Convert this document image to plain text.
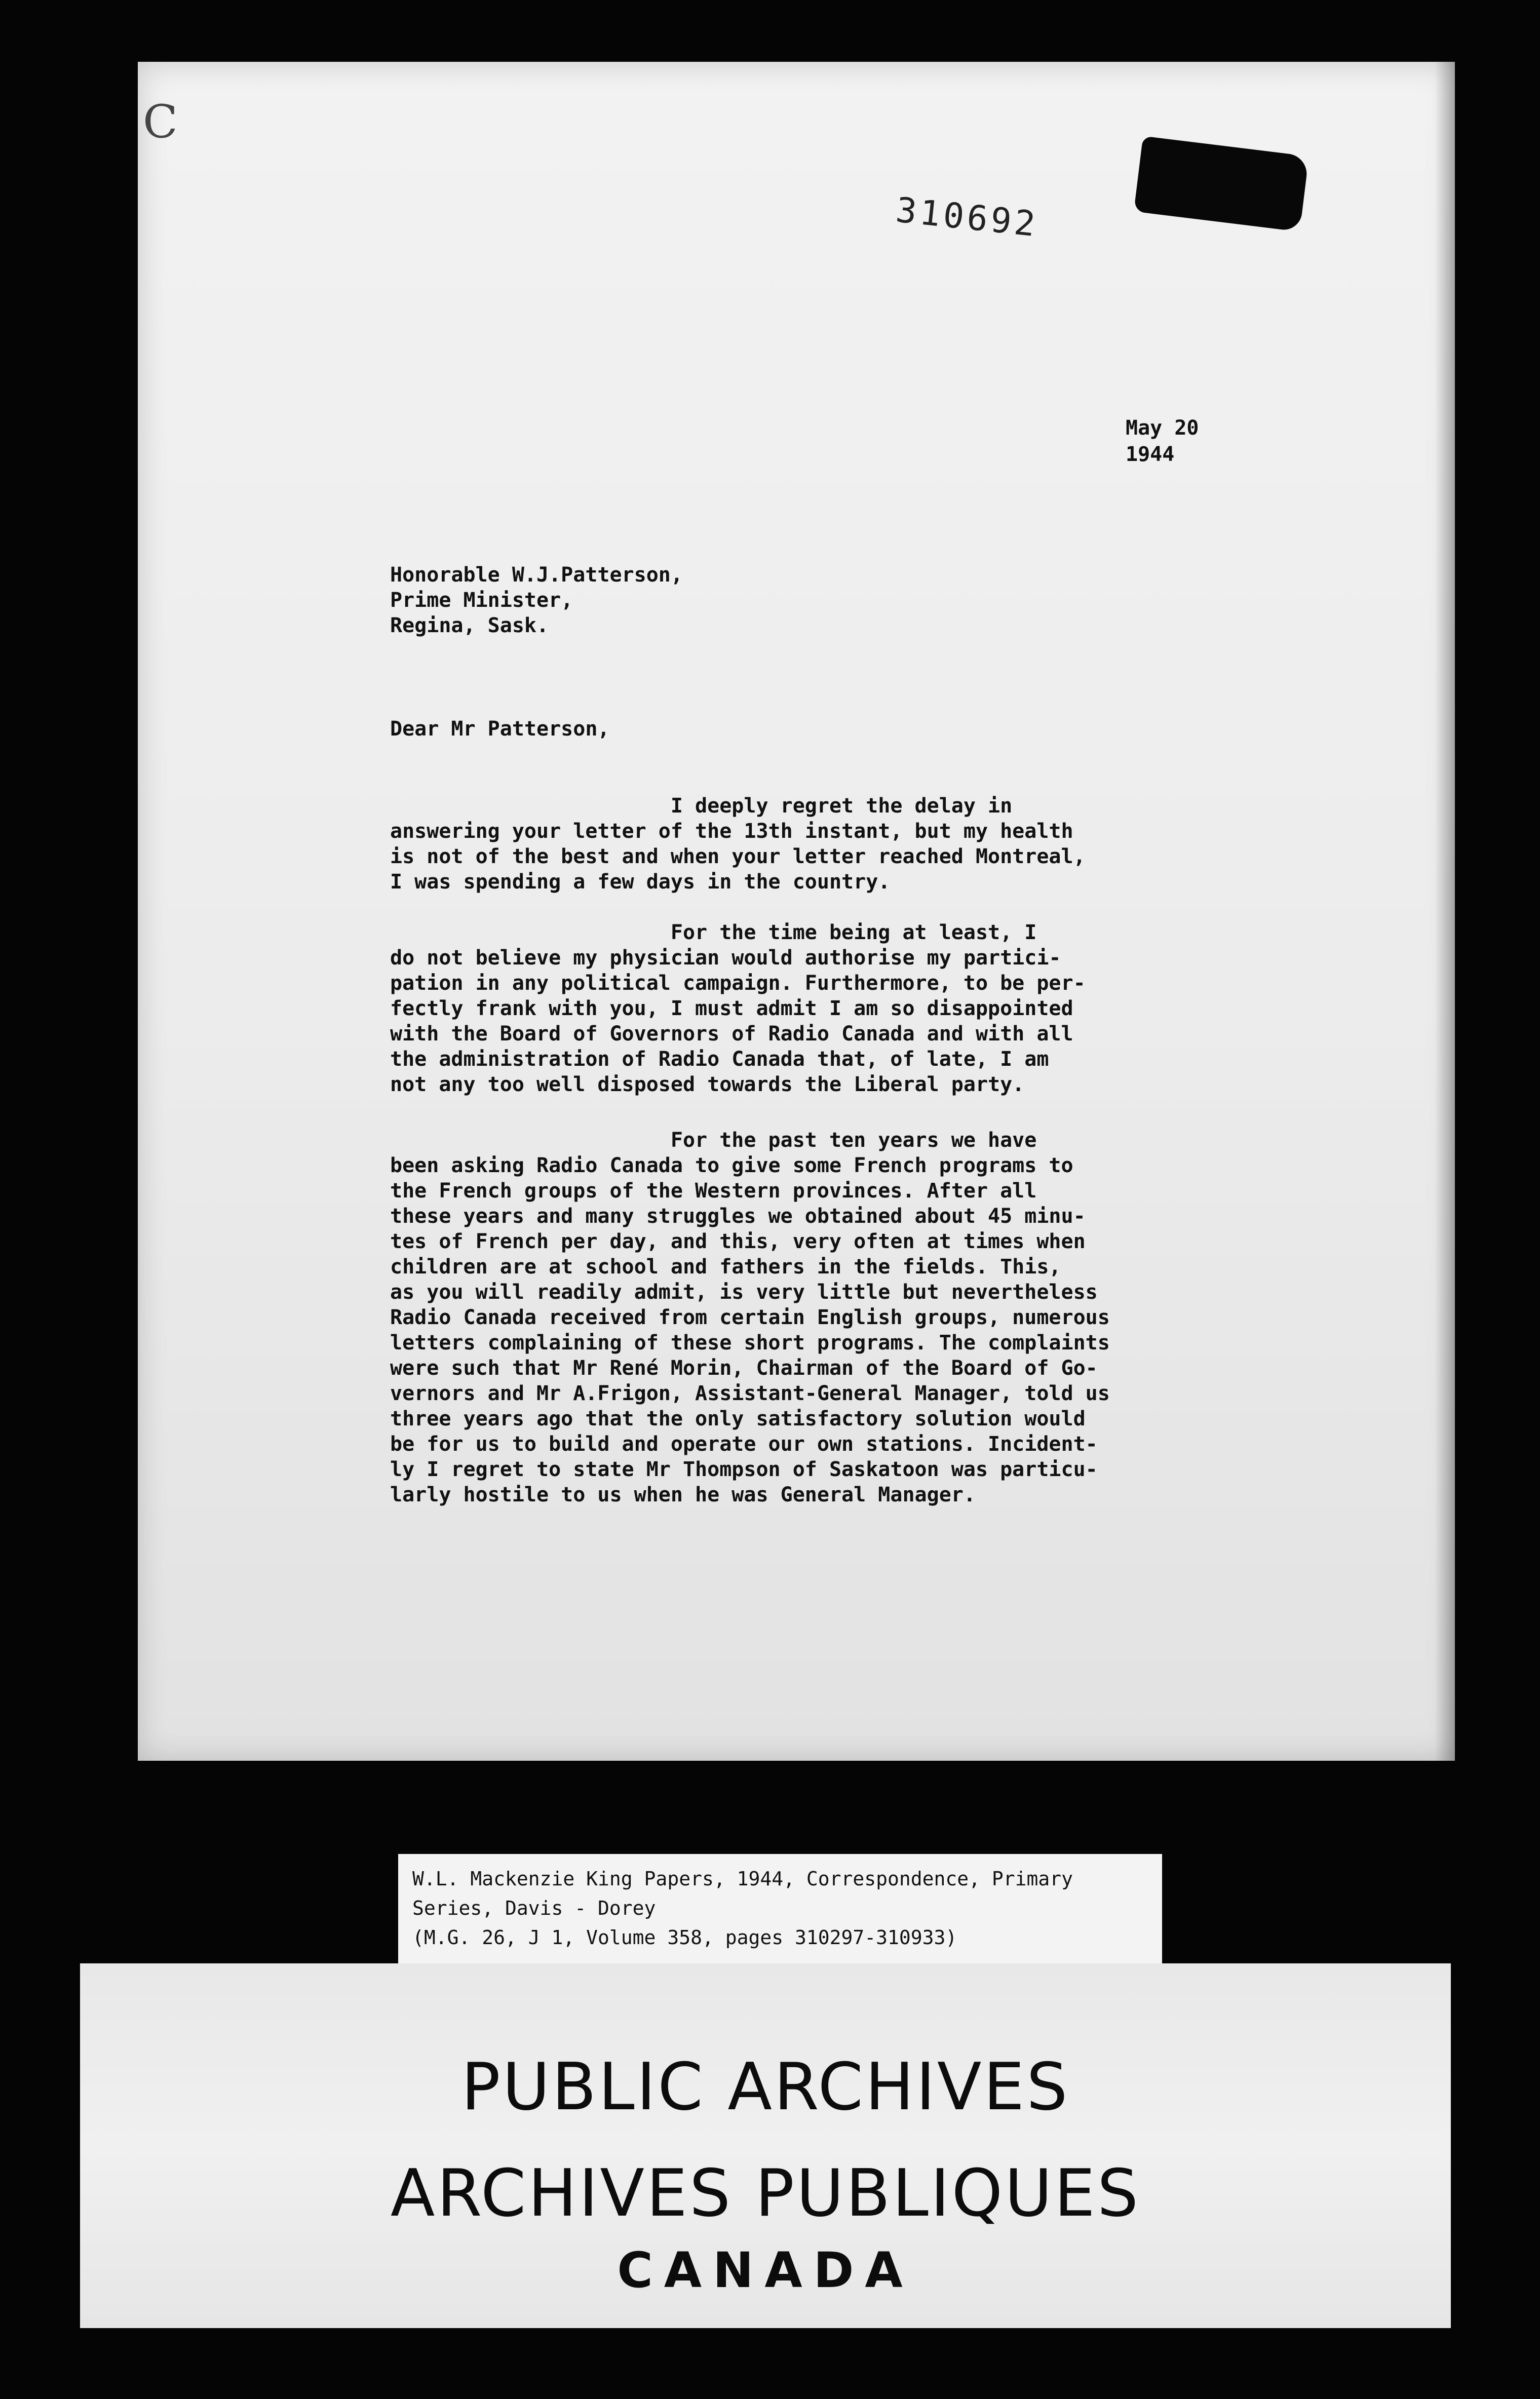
C
310692
May 20
1944
Honorable W.J.Patterson,
Prime Minister,
Regina, Sask.
Dear Mr Patterson,
I deeply regret the delay in
answering your letter of the 13th instant, but my health
is not of the best and when your letter reached Montreal,
I was spending a few days in the country.
For the time being at least, I
do not believe my physician would authorise my partici-
pation in any political campaign. Furthermore, to be per-
fectly frank with you, I must admit I am so disappointed
with the Board of Governors of Radio Canada and with all
the administration of Radio Canada that, of late, I am
not any too well disposed towards the Liberal party.
For the past ten years we have
been asking Radio Canada to give some French programs to
the French groups of the Western provinces. After all
these years and many struggles we obtained about 45 minu-
tes of French per day, and this, very often at times when
children are at school and fathers in the fields. This,
as you will readily admit, is very little but nevertheless
Radio Canada received from certain English groups, numerous
letters complaining of these short programs. The complaints
were such that Mr René Morin, Chairman of the Board of Go-
vernors and Mr A.Frigon, Assistant-General Manager, told us
three years ago that the only satisfactory solution would
be for us to build and operate our own stations. Incident-
ly I regret to state Mr Thompson of Saskatoon was particu-
larly hostile to us when he was General Manager.
W.L. Mackenzie King Papers, 1944, Correspondence, Primary
Series, Davis - Dorey
(M.G. 26, J 1, Volume 358, pages 310297-310933)
PUBLIC ARCHIVES
ARCHIVES PUBLIQUES
CANADA
